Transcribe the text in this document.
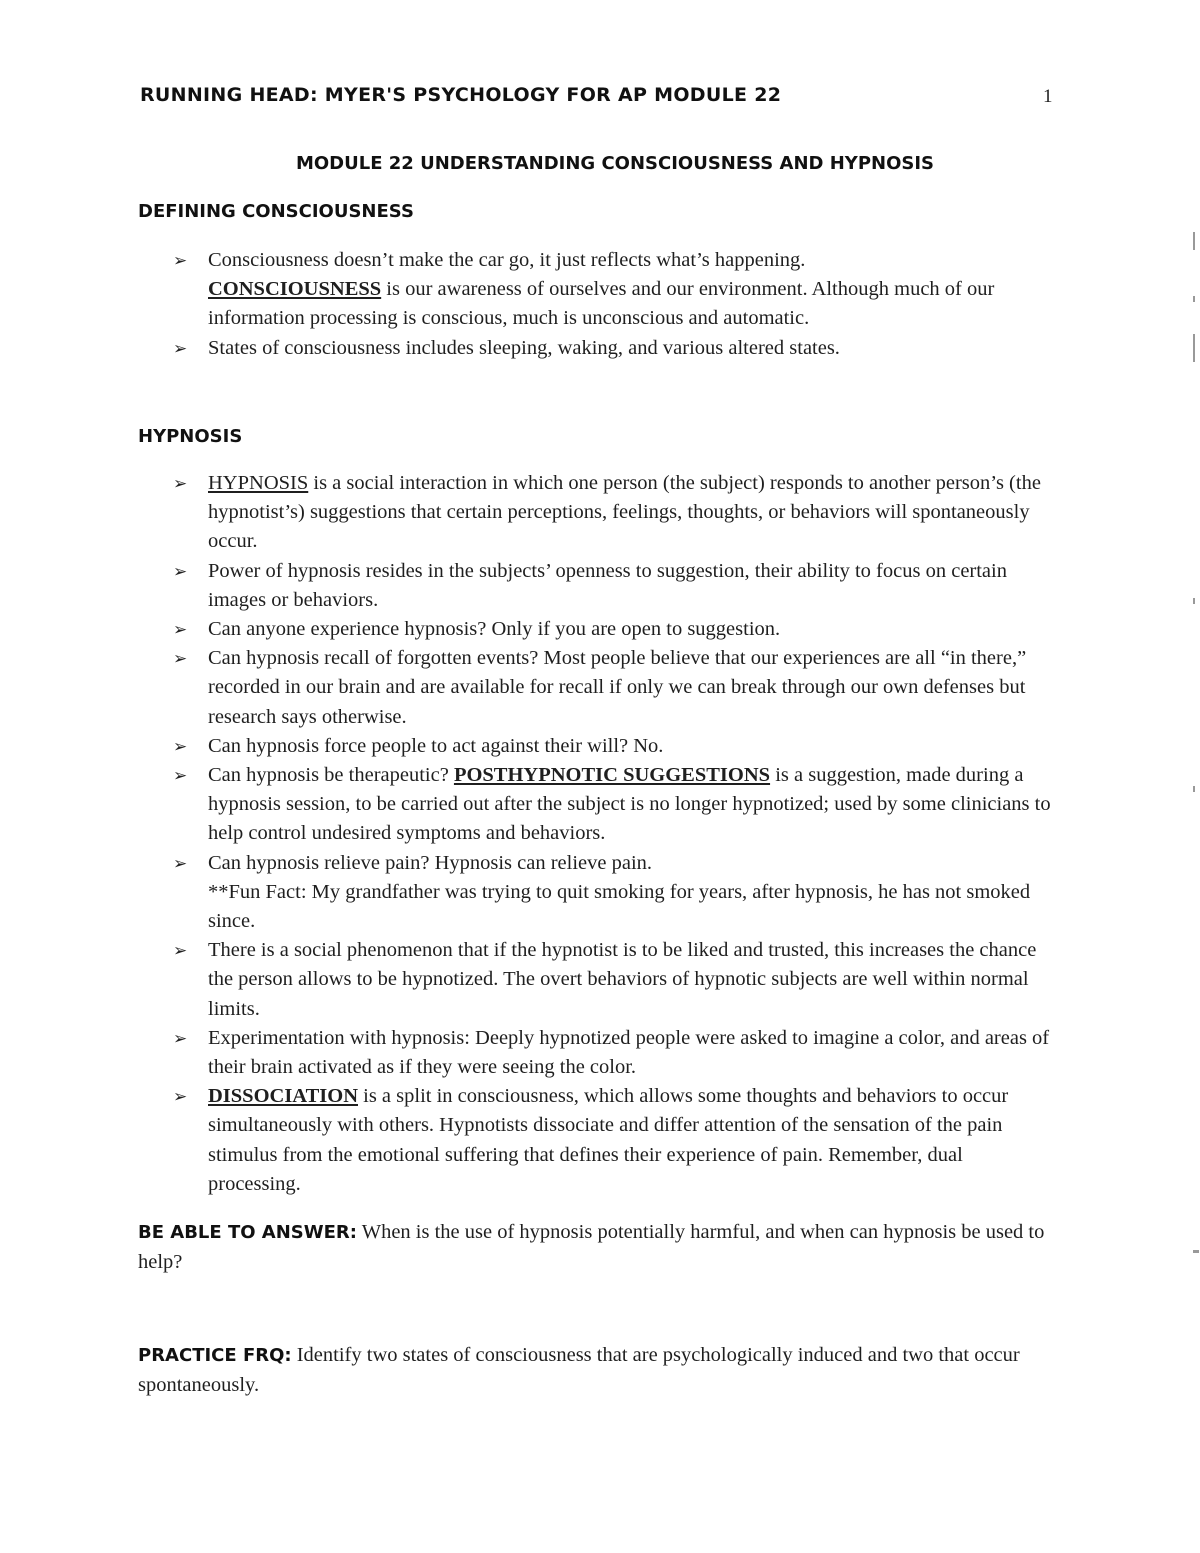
RUNNING HEAD: MYER'S PSYCHOLOGY FOR AP MODULE 22	1
MODULE 22 UNDERSTANDING CONSCIOUSNESS AND HYPNOSIS
DEFINING CONSCIOUSNESS
➢ Consciousness doesn’t make the car go, it just reflects what’s happening.
CONSCIOUSNESS is our awareness of ourselves and our environment. Although much of our information processing is conscious, much is unconscious and automatic.
➢ States of consciousness includes sleeping, waking, and various altered states.
HYPNOSIS
➢ HYPNOSIS is a social interaction in which one person (the subject) responds to another person’s (the hypnotist’s) suggestions that certain perceptions, feelings, thoughts, or behaviors will spontaneously occur.
➢ Power of hypnosis resides in the subjects’ openness to suggestion, their ability to focus on certain images or behaviors.
➢ Can anyone experience hypnosis? Only if you are open to suggestion.
➢ Can hypnosis recall of forgotten events? Most people believe that our experiences are all “in there,” recorded in our brain and are available for recall if only we can break through our own defenses but research says otherwise.
➢ Can hypnosis force people to act against their will? No.
➢ Can hypnosis be therapeutic? POSTHYPNOTIC SUGGESTIONS is a suggestion, made during a hypnosis session, to be carried out after the subject is no longer hypnotized; used by some clinicians to help control undesired symptoms and behaviors.
➢ Can hypnosis relieve pain? Hypnosis can relieve pain.
**Fun Fact: My grandfather was trying to quit smoking for years, after hypnosis, he has not smoked since.
➢ There is a social phenomenon that if the hypnotist is to be liked and trusted, this increases the chance the person allows to be hypnotized. The overt behaviors of hypnotic subjects are well within normal limits.
➢ Experimentation with hypnosis: Deeply hypnotized people were asked to imagine a color, and areas of their brain activated as if they were seeing the color.
➢ DISSOCIATION is a split in consciousness, which allows some thoughts and behaviors to occur simultaneously with others. Hypnotists dissociate and differ attention of the sensation of the pain stimulus from the emotional suffering that defines their experience of pain. Remember, dual processing.
BE ABLE TO ANSWER: When is the use of hypnosis potentially harmful, and when can hypnosis be used to help?
PRACTICE FRQ: Identify two states of consciousness that are psychologically induced and two that occur spontaneously.
